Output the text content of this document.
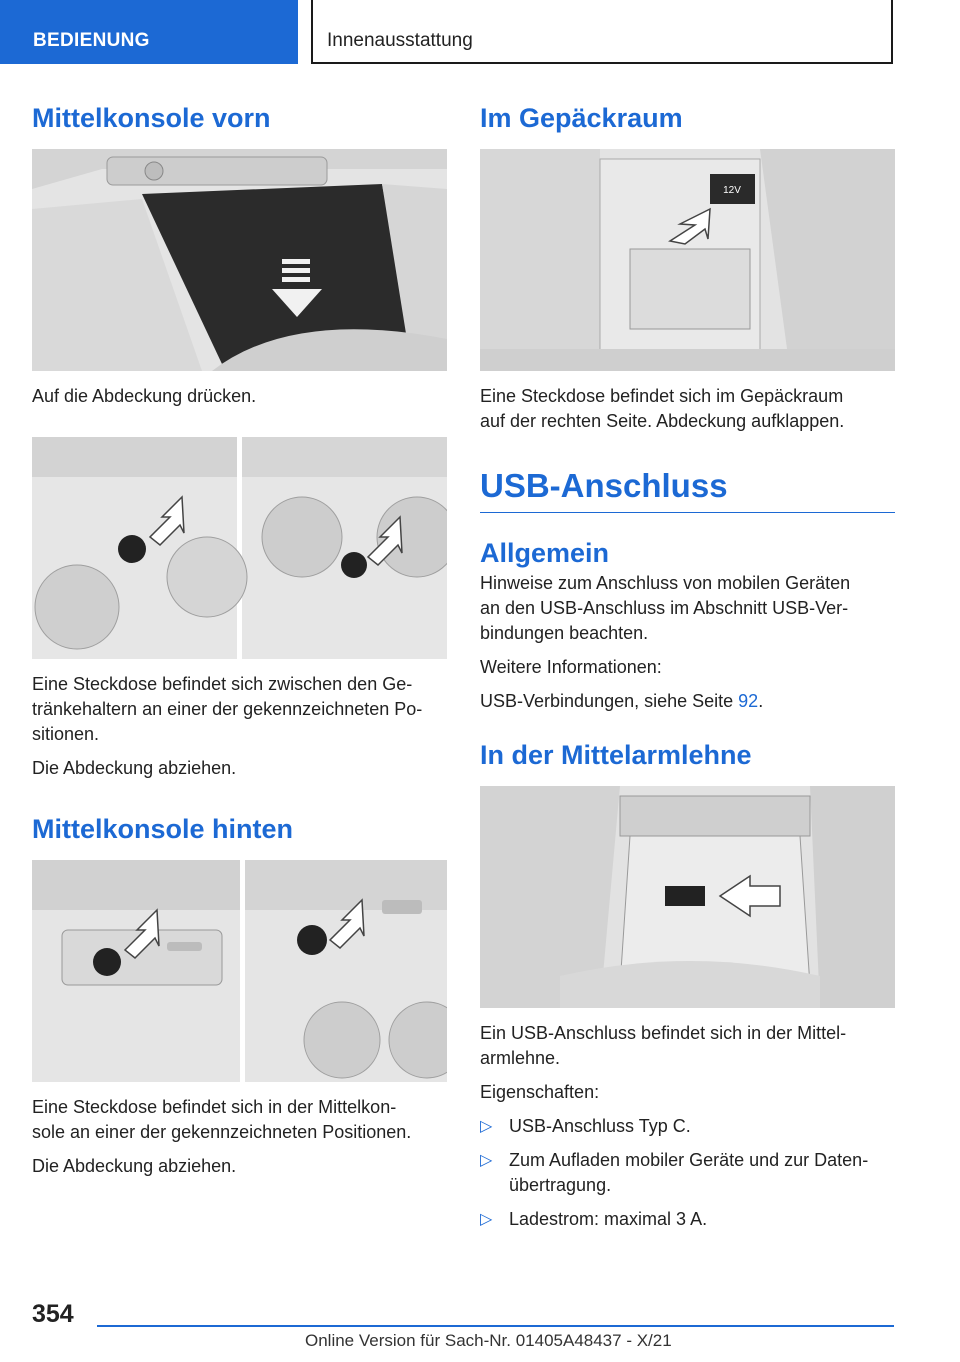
BEDIENUNG	Innenausstattung
Mittelkonsole vorn

Auf die Abdeckung drücken.

Eine Steckdose befindet sich zwischen den Ge-

tränkehaltern an einer der gekennzeichneten Po-

sitionen.

Die Abdeckung abziehen.

Mittelkonsole hinten

Eine Steckdose befindet sich in der Mittelkon-

sole an einer der gekennzeichneten Positionen.

Die Abdeckung abziehen.

Im Gepäckraum
12V

Eine Steckdose befindet sich im Gepäckraum

auf der rechten Seite. Abdeckung aufklappen.

USB-Anschluss
Allgemein

Hinweise zum Anschluss von mobilen Geräten

an den USB-Anschluss im Abschnitt USB-Ver-

bindungen beachten.

Weitere Informationen:

USB-Verbindungen, siehe Seite 92.

In der Mittelarmlehne

Ein USB-Anschluss befindet sich in der Mittel-

armlehne.

Eigenschaften:

▷ USB-Anschluss Typ C.
▷ Zum Aufladen mobiler Geräte und zur Daten-
übertragung.
▷ Ladestrom: maximal 3 A.
354
Online Version für Sach-Nr. 01405A48437 - X/21
